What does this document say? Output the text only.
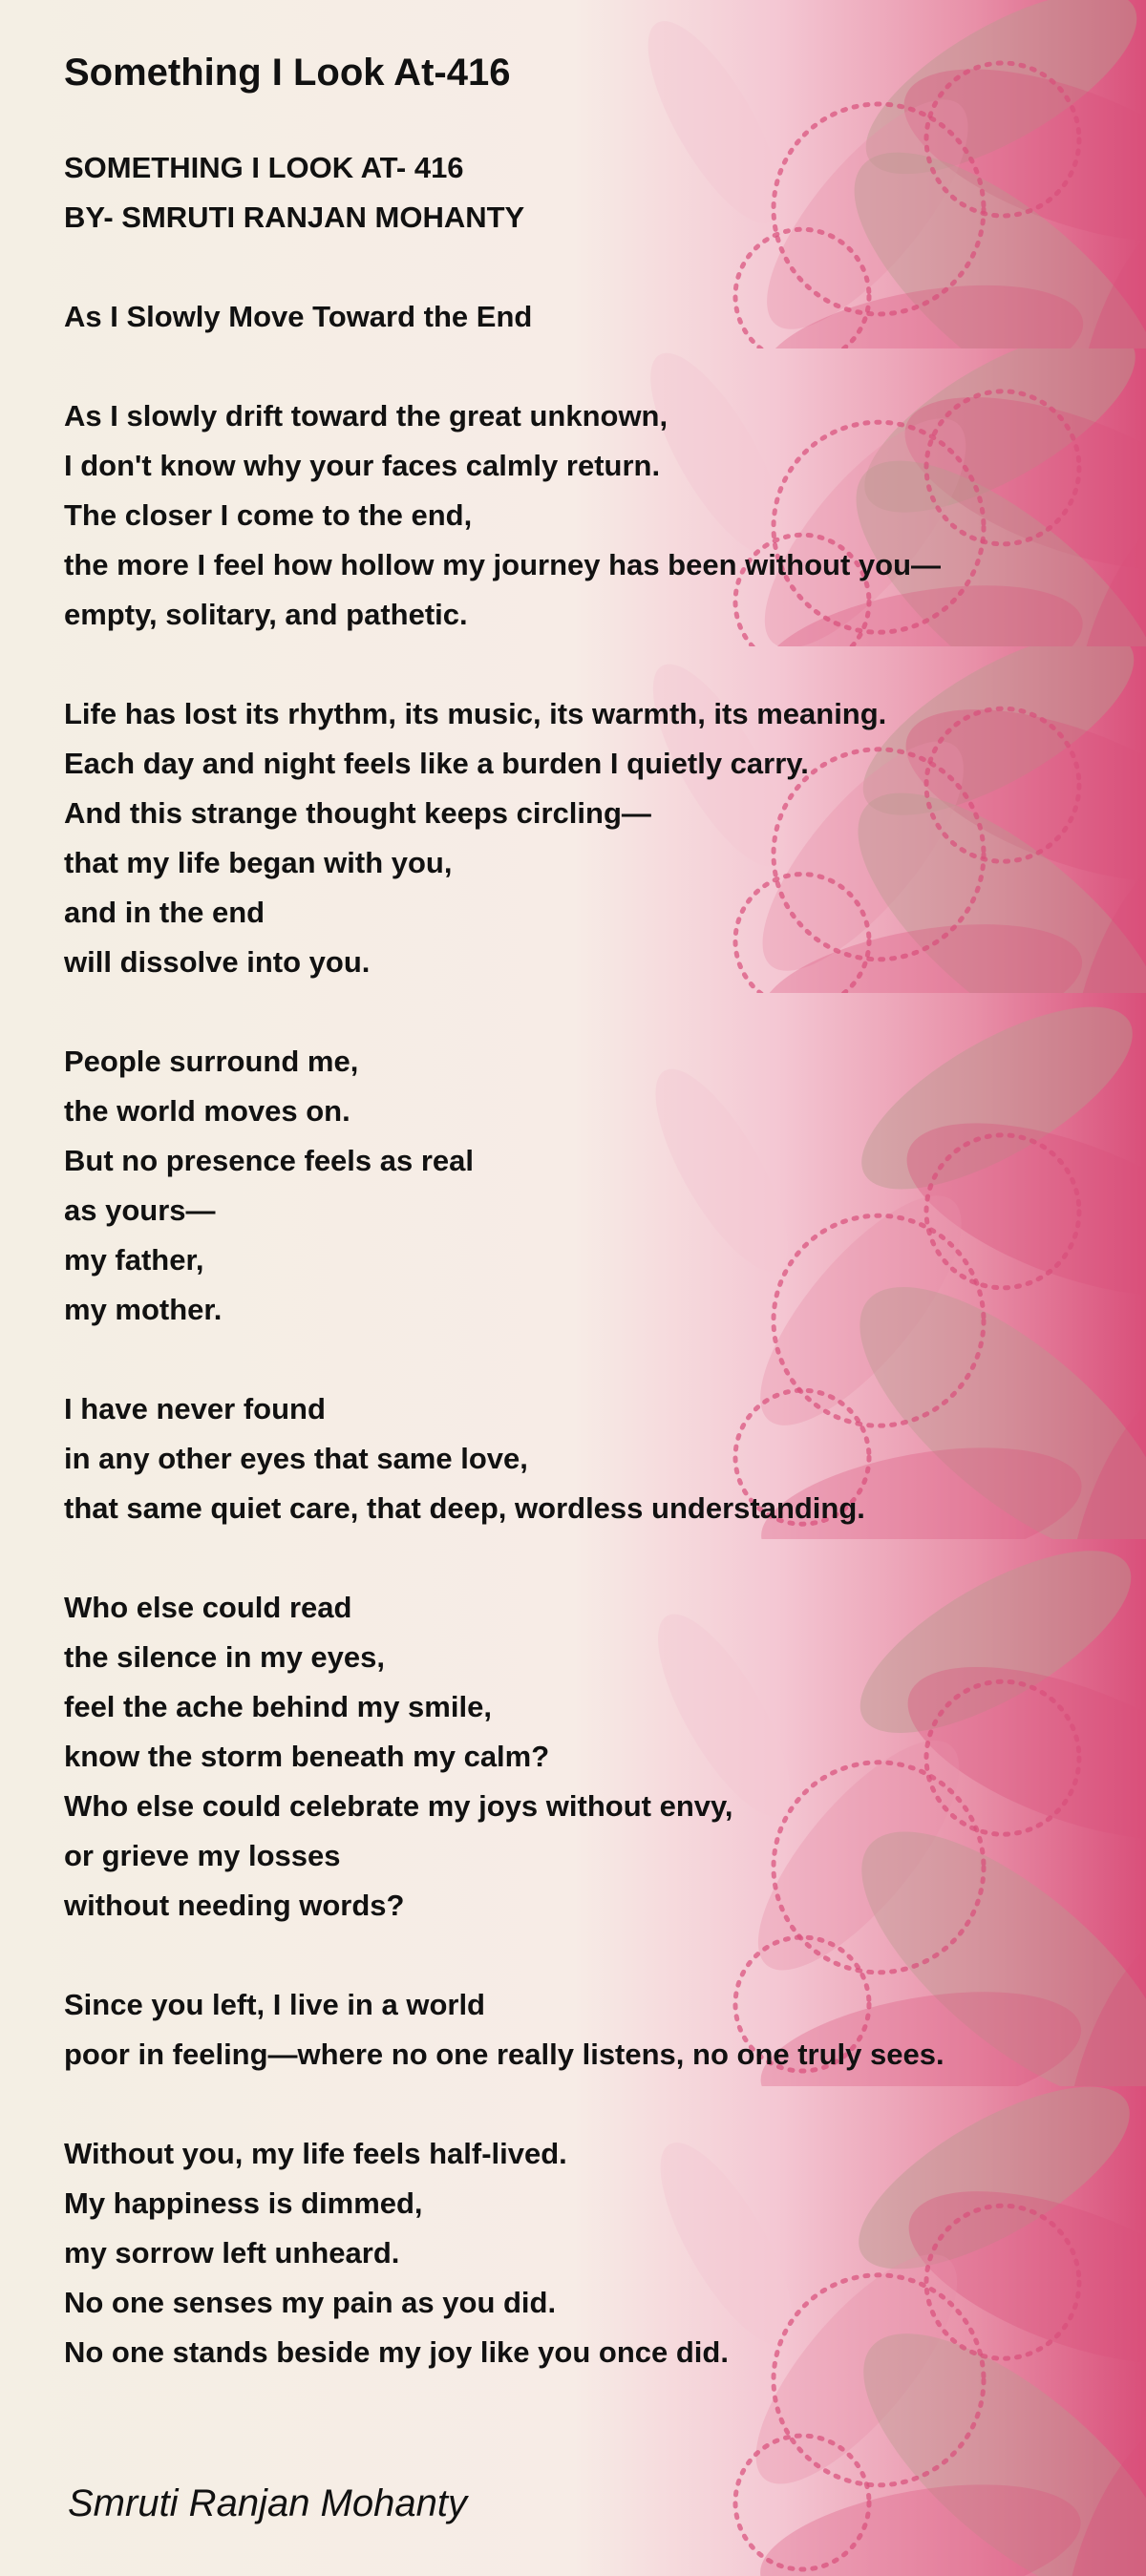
Something I Look At-416
SOMETHING I LOOK AT- 416
BY- SMRUTI RANJAN MOHANTY
As I Slowly Move Toward the End
As I slowly drift toward the great unknown,
I don't know why your faces calmly return.
The closer I come to the end,
the more I feel how hollow my journey has been without you—
empty, solitary, and pathetic.
Life has lost its rhythm, its music, its warmth, its meaning.
Each day and night feels like a burden I quietly carry.
And this strange thought keeps circling—
that my life began with you,
and in the end
will dissolve into you.
People surround me,
the world moves on.
But no presence feels as real
as yours—
my father,
my mother.
I have never found
in any other eyes that same love,
that same quiet care, that deep, wordless understanding.
Who else could read
the silence in my eyes,
feel the ache behind my smile,
know the storm beneath my calm?
Who else could celebrate my joys without envy,
or grieve my losses
without needing words?
Since you left, I live in a world
poor in feeling—where no one really listens, no one truly sees.
Without you, my life feels half-lived.
My happiness is dimmed,
my sorrow left unheard.
No one senses my pain as you did.
No one stands beside my joy like you once did.

Smruti Ranjan Mohanty
